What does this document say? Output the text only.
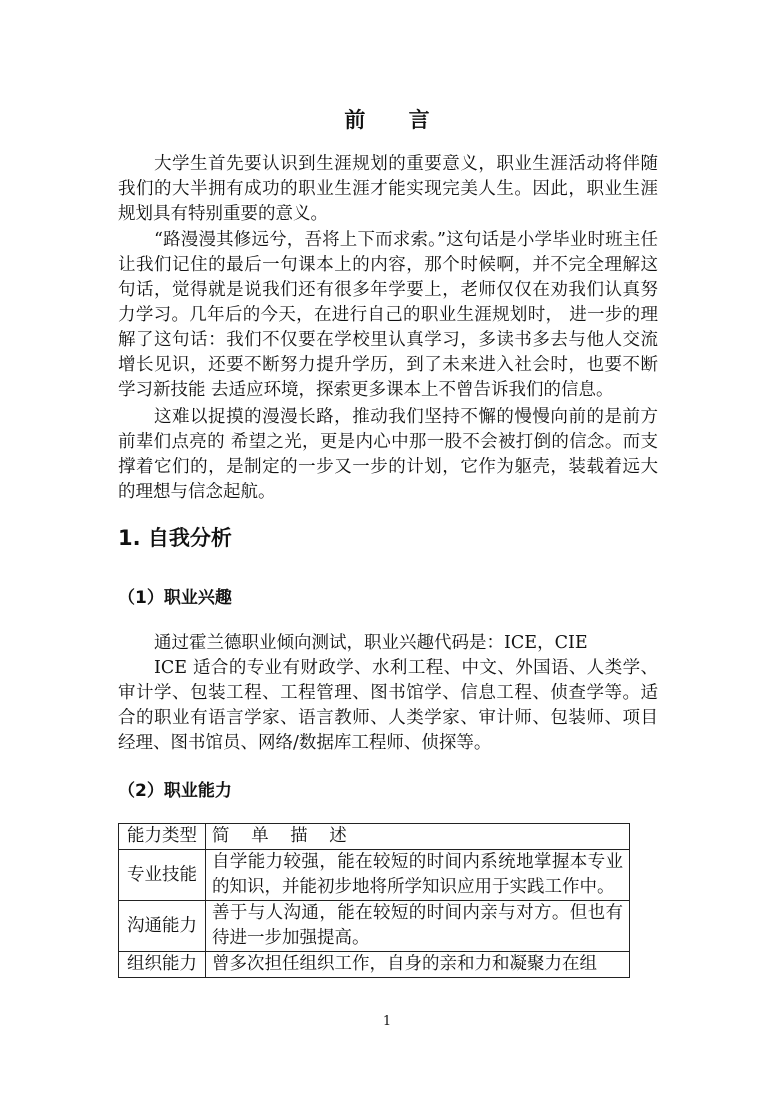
前 言

大学生首先要认识到生涯规划的重要意义，职业生涯活动将伴随我们的大半拥有成功的职业生涯才能实现完美人生。因此，职业生涯规划具有特别重要的意义。

“路漫漫其修远兮，吾将上下而求索。”这句话是小学毕业时班主任让我们记住的最后一句课本上的内容，那个时候啊，并不完全理解这句话，觉得就是说我们还有很多年学要上，老师仅仅在劝我们认真努力学习。几年后的今天，在进行自己的职业生涯规划时， 进一步的理解了这句话：我们不仅要在学校里认真学习，多读书多去与他人交流 增长见识，还要不断努力提升学历，到了未来进入社会时，也要不断学习新技能 去适应环境，探索更多课本上不曾告诉我们的信息。

这难以捉摸的漫漫长路，推动我们坚持不懈的慢慢向前的是前方前辈们点亮的 希望之光，更是内心中那一股不会被打倒的信念。而支撑着它们的，是制定的一步又一步的计划，它作为躯壳，装载着远大的理想与信念起航。

1. 自我分析
（1）职业兴趣

通过霍兰德职业倾向测试，职业兴趣代码是：ICE，CIE

ICE 适合的专业有财政学、水利工程、中文、外国语、人类学、审计学、包装工程、工程管理、图书馆学、信息工程、侦查学等。适合的职业有语言学家、语言教师、人类学家、审计师、包装师、项目经理、图书馆员、网络/数据库工程师、侦探等。

（2）职业能力
能力类型	简 单 描 述
专业技能	自学能力较强，能在较短的时间内系统地掌握本专业的知识，并能初步地将所学知识应用于实践工作中。
沟通能力	善于与人沟通，能在较短的时间内亲与对方。但也有待进一步加强提高。
组织能力	曾多次担任组织工作，自身的亲和力和凝聚力在组
1
